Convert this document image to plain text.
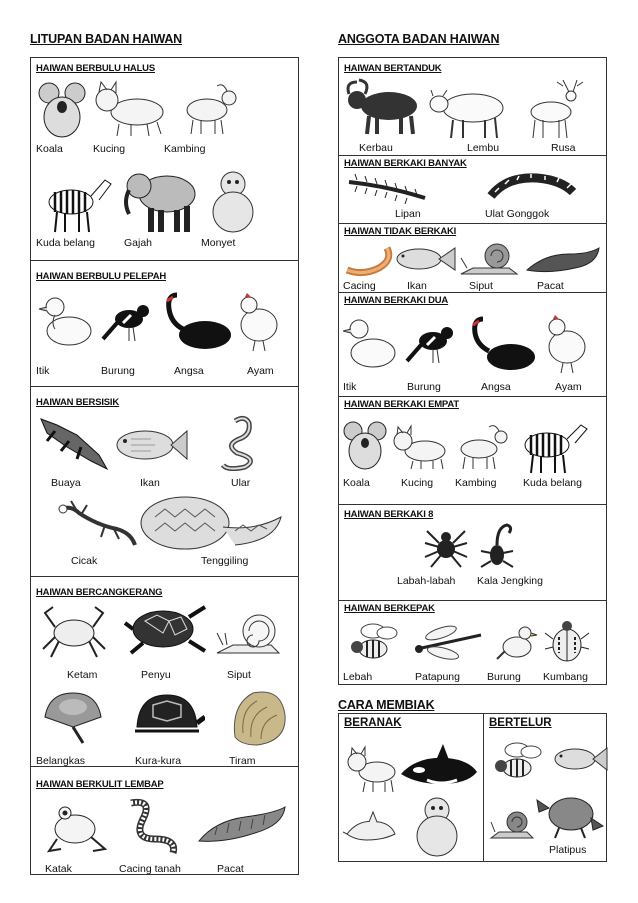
LITUPAN BADAN HAIWAN
HAIWAN BERBULU HALUS
Koala	Kucing	Kambing
Kuda belang	Gajah	Monyet
HAIWAN BERBULU PELEPAH
Itik	Burung	Angsa	Ayam
HAIWAN BERSISIK
Buaya	Ikan	Ular
Cicak	Tenggiling
HAIWAN BERCANGKERANG
Ketam	Penyu	Siput
Belangkas	Kura-kura	Tiram
HAIWAN BERKULIT LEMBAP
Katak	Cacing tanah	Pacat
ANGGOTA BADAN HAIWAN
HAIWAN BERTANDUK
Kerbau	Lembu	Rusa
HAIWAN BERKAKI BANYAK
Lipan	Ulat Gonggok
HAIWAN TIDAK BERKAKI
Cacing	Ikan	Siput	Pacat
HAIWAN BERKAKI DUA
Itik	Burung	Angsa	Ayam
HAIWAN BERKAKI EMPAT
Koala	Kucing Kambing	Kuda belang
HAIWAN BERKAKI 8
Labah-labah Kala Jengking
HAIWAN BERKEPAK
Lebah	Patapung	Burung Kumbang
CARA MEMBIAK
BERANAK	BERTELUR
Platipus
